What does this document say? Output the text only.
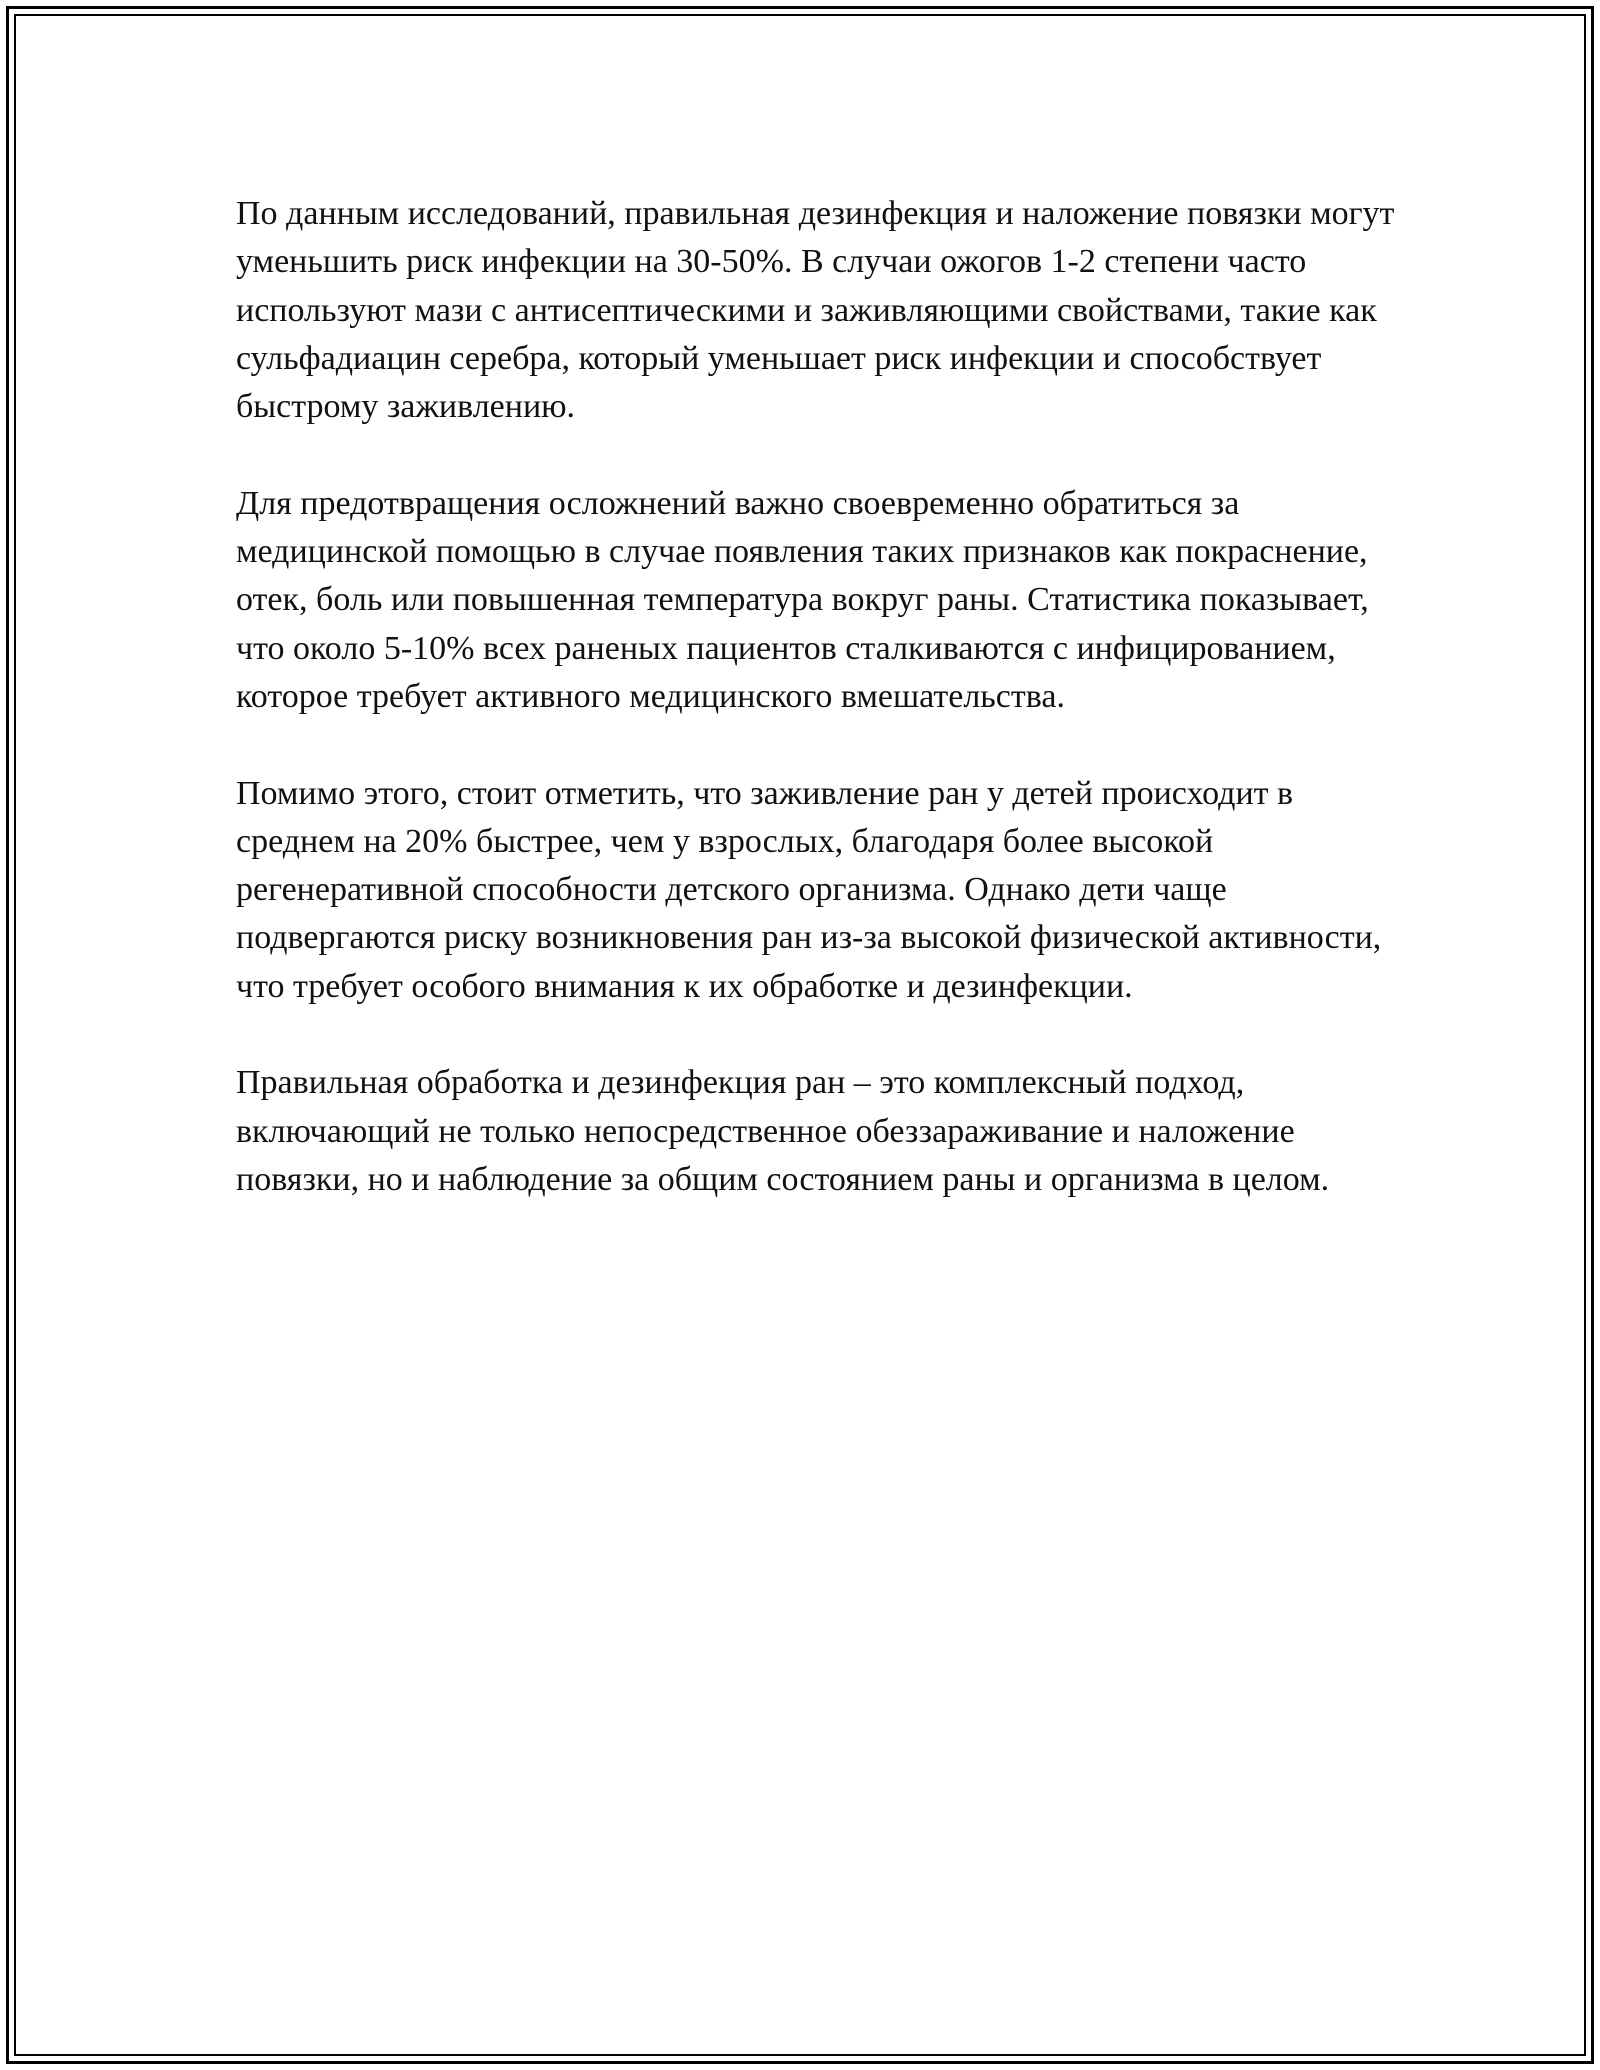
По данным исследований, правильная дезинфекция и наложение повязки могут уменьшить риск инфекции на 30-50%. В случаи ожогов 1-2 степени часто используют мази с антисептическими и заживляющими свойствами, такие как сульфадиацин серебра, который уменьшает риск инфекции и способствует быстрому заживлению.

Для предотвращения осложнений важно своевременно обратиться за медицинской помощью в случае появления таких признаков как покраснение, отек, боль или повышенная температура вокруг раны. Статистика показывает, что около 5-10% всех раненых пациентов сталкиваются с инфицированием, которое требует активного медицинского вмешательства.

Помимо этого, стоит отметить, что заживление ран у детей происходит в среднем на 20% быстрее, чем у взрослых, благодаря более высокой регенеративной способности детского организма. Однако дети чаще подвергаются риску возникновения ран из-за высокой физической активности, что требует особого внимания к их обработке и дезинфекции.

Правильная обработка и дезинфекция ран – это комплексный подход, включающий не только непосредственное обеззараживание и наложение повязки, но и наблюдение за общим состоянием раны и организма в целом.
